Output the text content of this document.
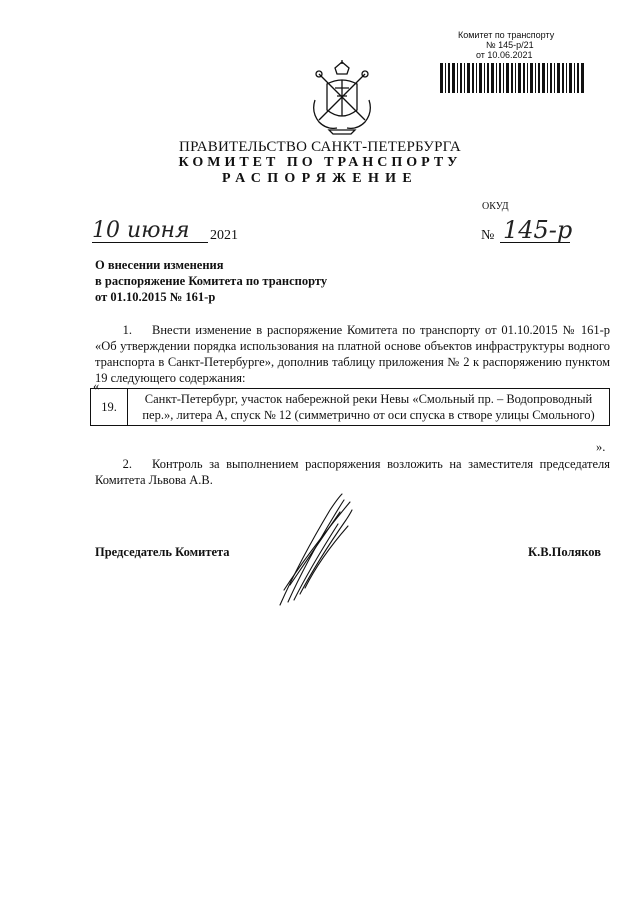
Комитет по транспорту
№ 145-р/21
от 10.06.2021
ПРАВИТЕЛЬСТВО САНКТ-ПЕТЕРБУРГА
КОМИТЕТ ПО ТРАНСПОРТУ
РАСПОРЯЖЕНИЕ
ОКУД
10 июня 2021	№ 145-р
О внесении изменения
в распоряжение Комитета по транспорту
от 01.10.2015 № 161-р
1. Внести изменение в распоряжение Комитета по транспорту от 01.10.2015 № 161-р «Об утверждении порядка использования на платной основе объектов инфраструктуры водного транспорта в Санкт-Петербурге», дополнив таблицу приложения № 2 к распоряжению пунктом 19 следующего содержания:
«
19.	Санкт-Петербург, участок набережной реки Невы «Смольный пр. – Водопроводный пер.», литера А, спуск № 12 (симметрично от оси спуска в створе улицы Смольного)
».
2. Контроль за выполнением распоряжения возложить на заместителя председателя Комитета Львова А.В.
Председатель Комитета	К.В.Поляков
